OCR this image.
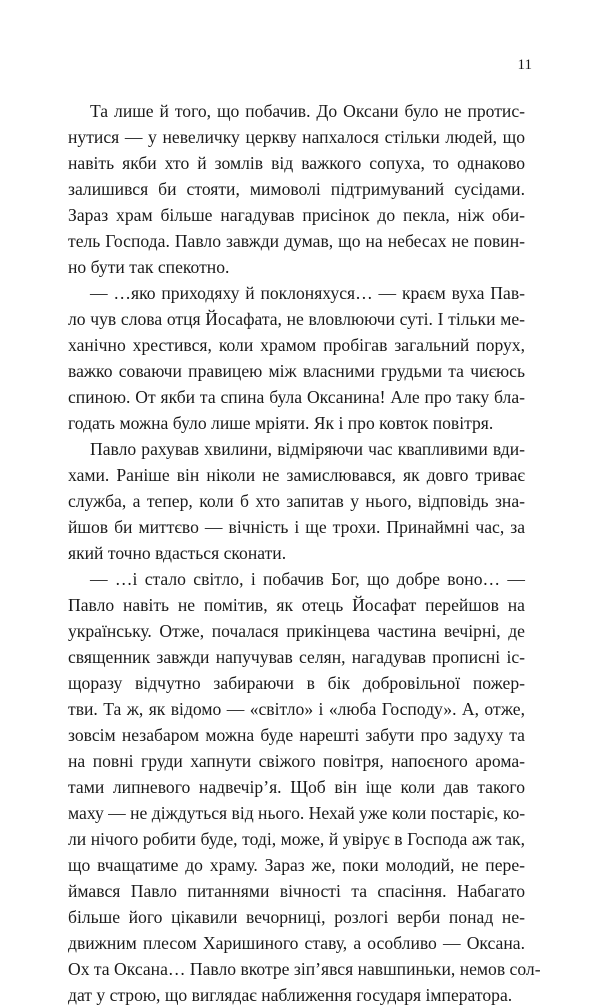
11

Та лише й того, що побачив. До Оксани було не протис-

нутися — у невеличку церкву напхалося стільки людей, що

навіть якби хто й зомлів від важкого сопуха, то однаково

залишився би стояти, мимоволі підтримуваний сусідами.

Зараз храм більше нагадував присінок до пекла, ніж оби-

тель Господа. Павло завжди думав, що на небесах не повин-

но бути так спекотно.

— …яко приходяху й поклоняхуся… — краєм вуха Пав-

ло чув слова отця Йосафата, не вловлюючи суті. І тільки ме-

ханічно хрестився, коли храмом пробігав загальний порух,

важко соваючи правицею між власними грудьми та чиєюсь

спиною. От якби та спина була Оксанина! Але про таку бла-

годать можна було лише мріяти. Як і про ковток повітря.

Павло рахував хвилини, відміряючи час квапливими вди-

хами. Раніше він ніколи не замислювався, як довго триває

служба, а тепер, коли б хто запитав у нього, відповідь зна-

йшов би миттєво — вічність і ще трохи. Принаймні час, за

який точно вдасться сконати.

— …і стало світло, і побачив Бог, що добре воно… —

Павло навіть не помітив, як отець Йосафат перейшов на

українську. Отже, почалася прикінцева частина вечірні, де

священник завжди напучував селян, нагадував прописні іс-

щоразу відчутно забираючи в бік добровільної пожер-

тви. Та ж, як відомо — «світло» і «люба Господу». А, отже,

зовсім незабаром можна буде нарешті забути про задуху та

на повні груди хапнути свіжого повітря, напоєного арома-

тами липневого надвечір’я. Щоб він іще коли дав такого

маху — не діждуться від нього. Нехай уже коли постаріє, ко-

ли нічого робити буде, тоді, може, й увірує в Господа аж так,

що вчащатиме до храму. Зараз же, поки молодий, не пере-

ймався Павло питаннями вічності та спасіння. Набагато

більше його цікавили вечорниці, розлогі верби понад не-

движним плесом Харишиного ставу, а особливо — Оксана.

Ох та Оксана… Павло вкотре зіп’явся навшпиньки, немов сол-

дат у строю, що виглядає наближення государя імператора.
